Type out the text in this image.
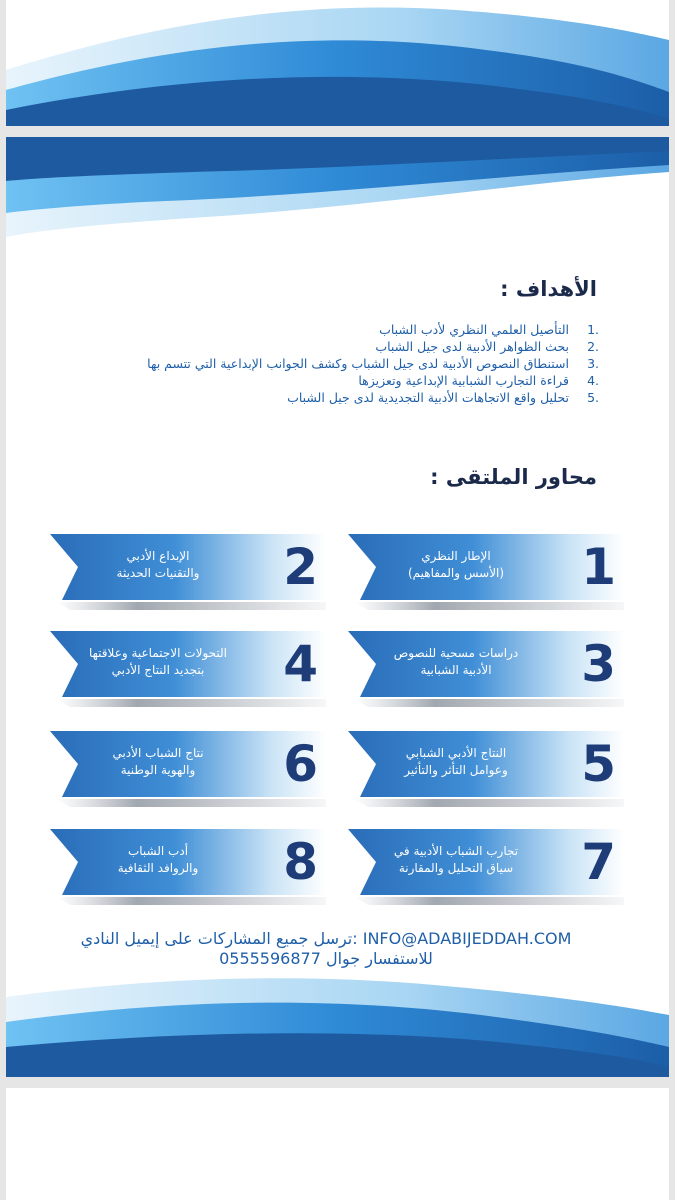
الأهداف :
.1
التأصيل العلمي النظري لأدب الشباب
.2
بحث الظواهر الأدبية لدى جيل الشباب
.3
استنطاق النصوص الأدبية لدى جيل الشباب وكشف الجوانب الإبداعية التي تتسم بها
.4
قراءة التجارب الشبابية الإبداعية وتعزيزها
.5
تحليل واقع الاتجاهات الأدبية التجديدية لدى جيل الشباب
محاور الملتقى :
1
الإطار النظري
(الأسس والمفاهيم)
2
الإبداع الأدبي
والتقنيات الحديثة
3
دراسات مسحية للنصوص
الأدبية الشبابية
4
التحولات الاجتماعية وعلاقتها
بتجديد النتاج الأدبي
5
النتاج الأدبي الشبابي
وعوامل التأثر والتأثير
6
نتاج الشباب الأدبي
والهوية الوطنية
7
تجارب الشباب الأدبية في
سياق التحليل والمقارنة
8
أدب الشباب
والروافد الثقافية
ترسل جميع المشاركات على إيميل النادي: INFO@ADABIJEDDAH.COM
للاستفسار جوال 0555596877
